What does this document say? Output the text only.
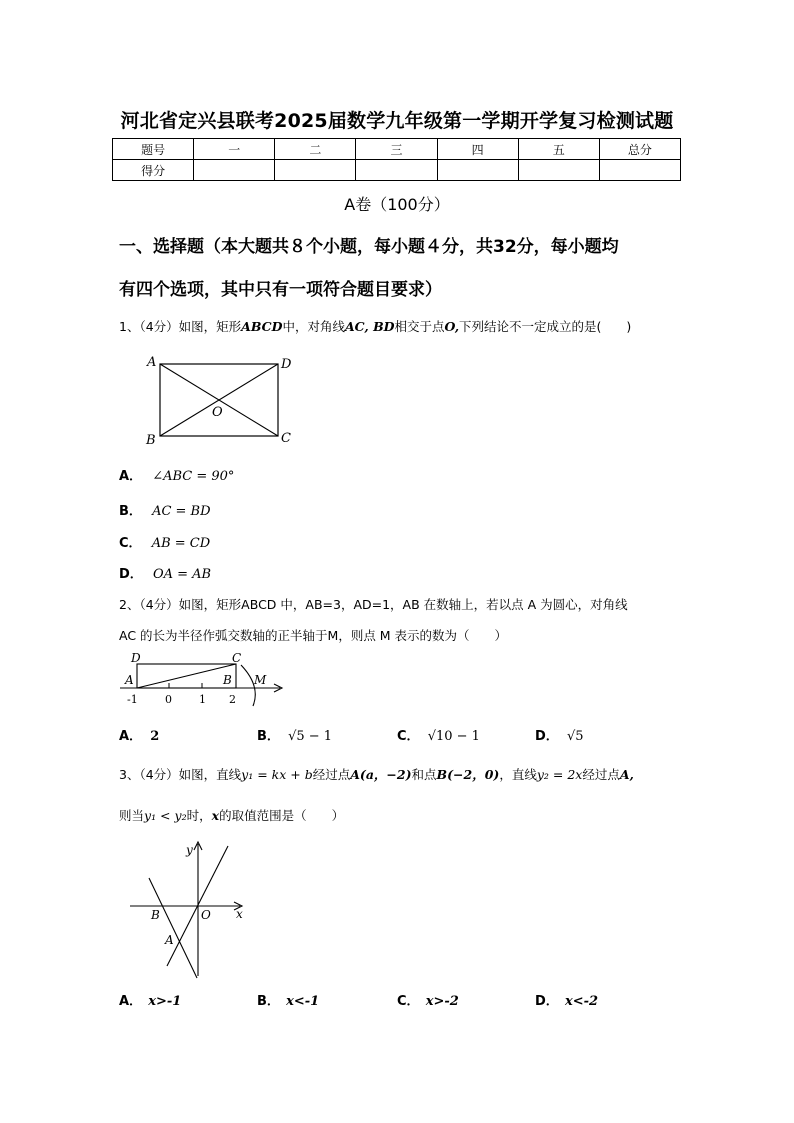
河北省定兴县联考2025届数学九年级第一学期开学复习检测试题
题号	一	二	三	四	五	总分
得分						
A卷（100分）
一、选择题（本大题共８个小题，每小题４分，共32分，每小题均
有四个选项，其中只有一项符合题目要求）
1、（4分）如图，矩形ABCD中，对角线AC, BD相交于点O,下列结论不一定成立的是(　　)
A	D
B	C
O
A． ∠ABC = 90°
B． AC = BD
C． AB = CD
D． OA = AB
2、（4分）如图，矩形ABCD 中，AB=3，AD=1，AB 在数轴上，若以点 A 为圆心，对角线
AC 的长为半径作弧交数轴的正半轴于M，则点 M 表示的数为（　　）
D	C
A	B M
-1 0 1 2
A． 2	B． √5 − 1	C． √10 − 1	D． √5
3、（4分）如图，直线y₁ = kx + b经过点A(a，−2)和点B(−2，0)，直线y₂ = 2x经过点A,
则当y₁ < y₂时，x的取值范围是（　　）
y
x
B	O
A
A． x>-1	B． x<-1	C． x>-2	D． x<-2
